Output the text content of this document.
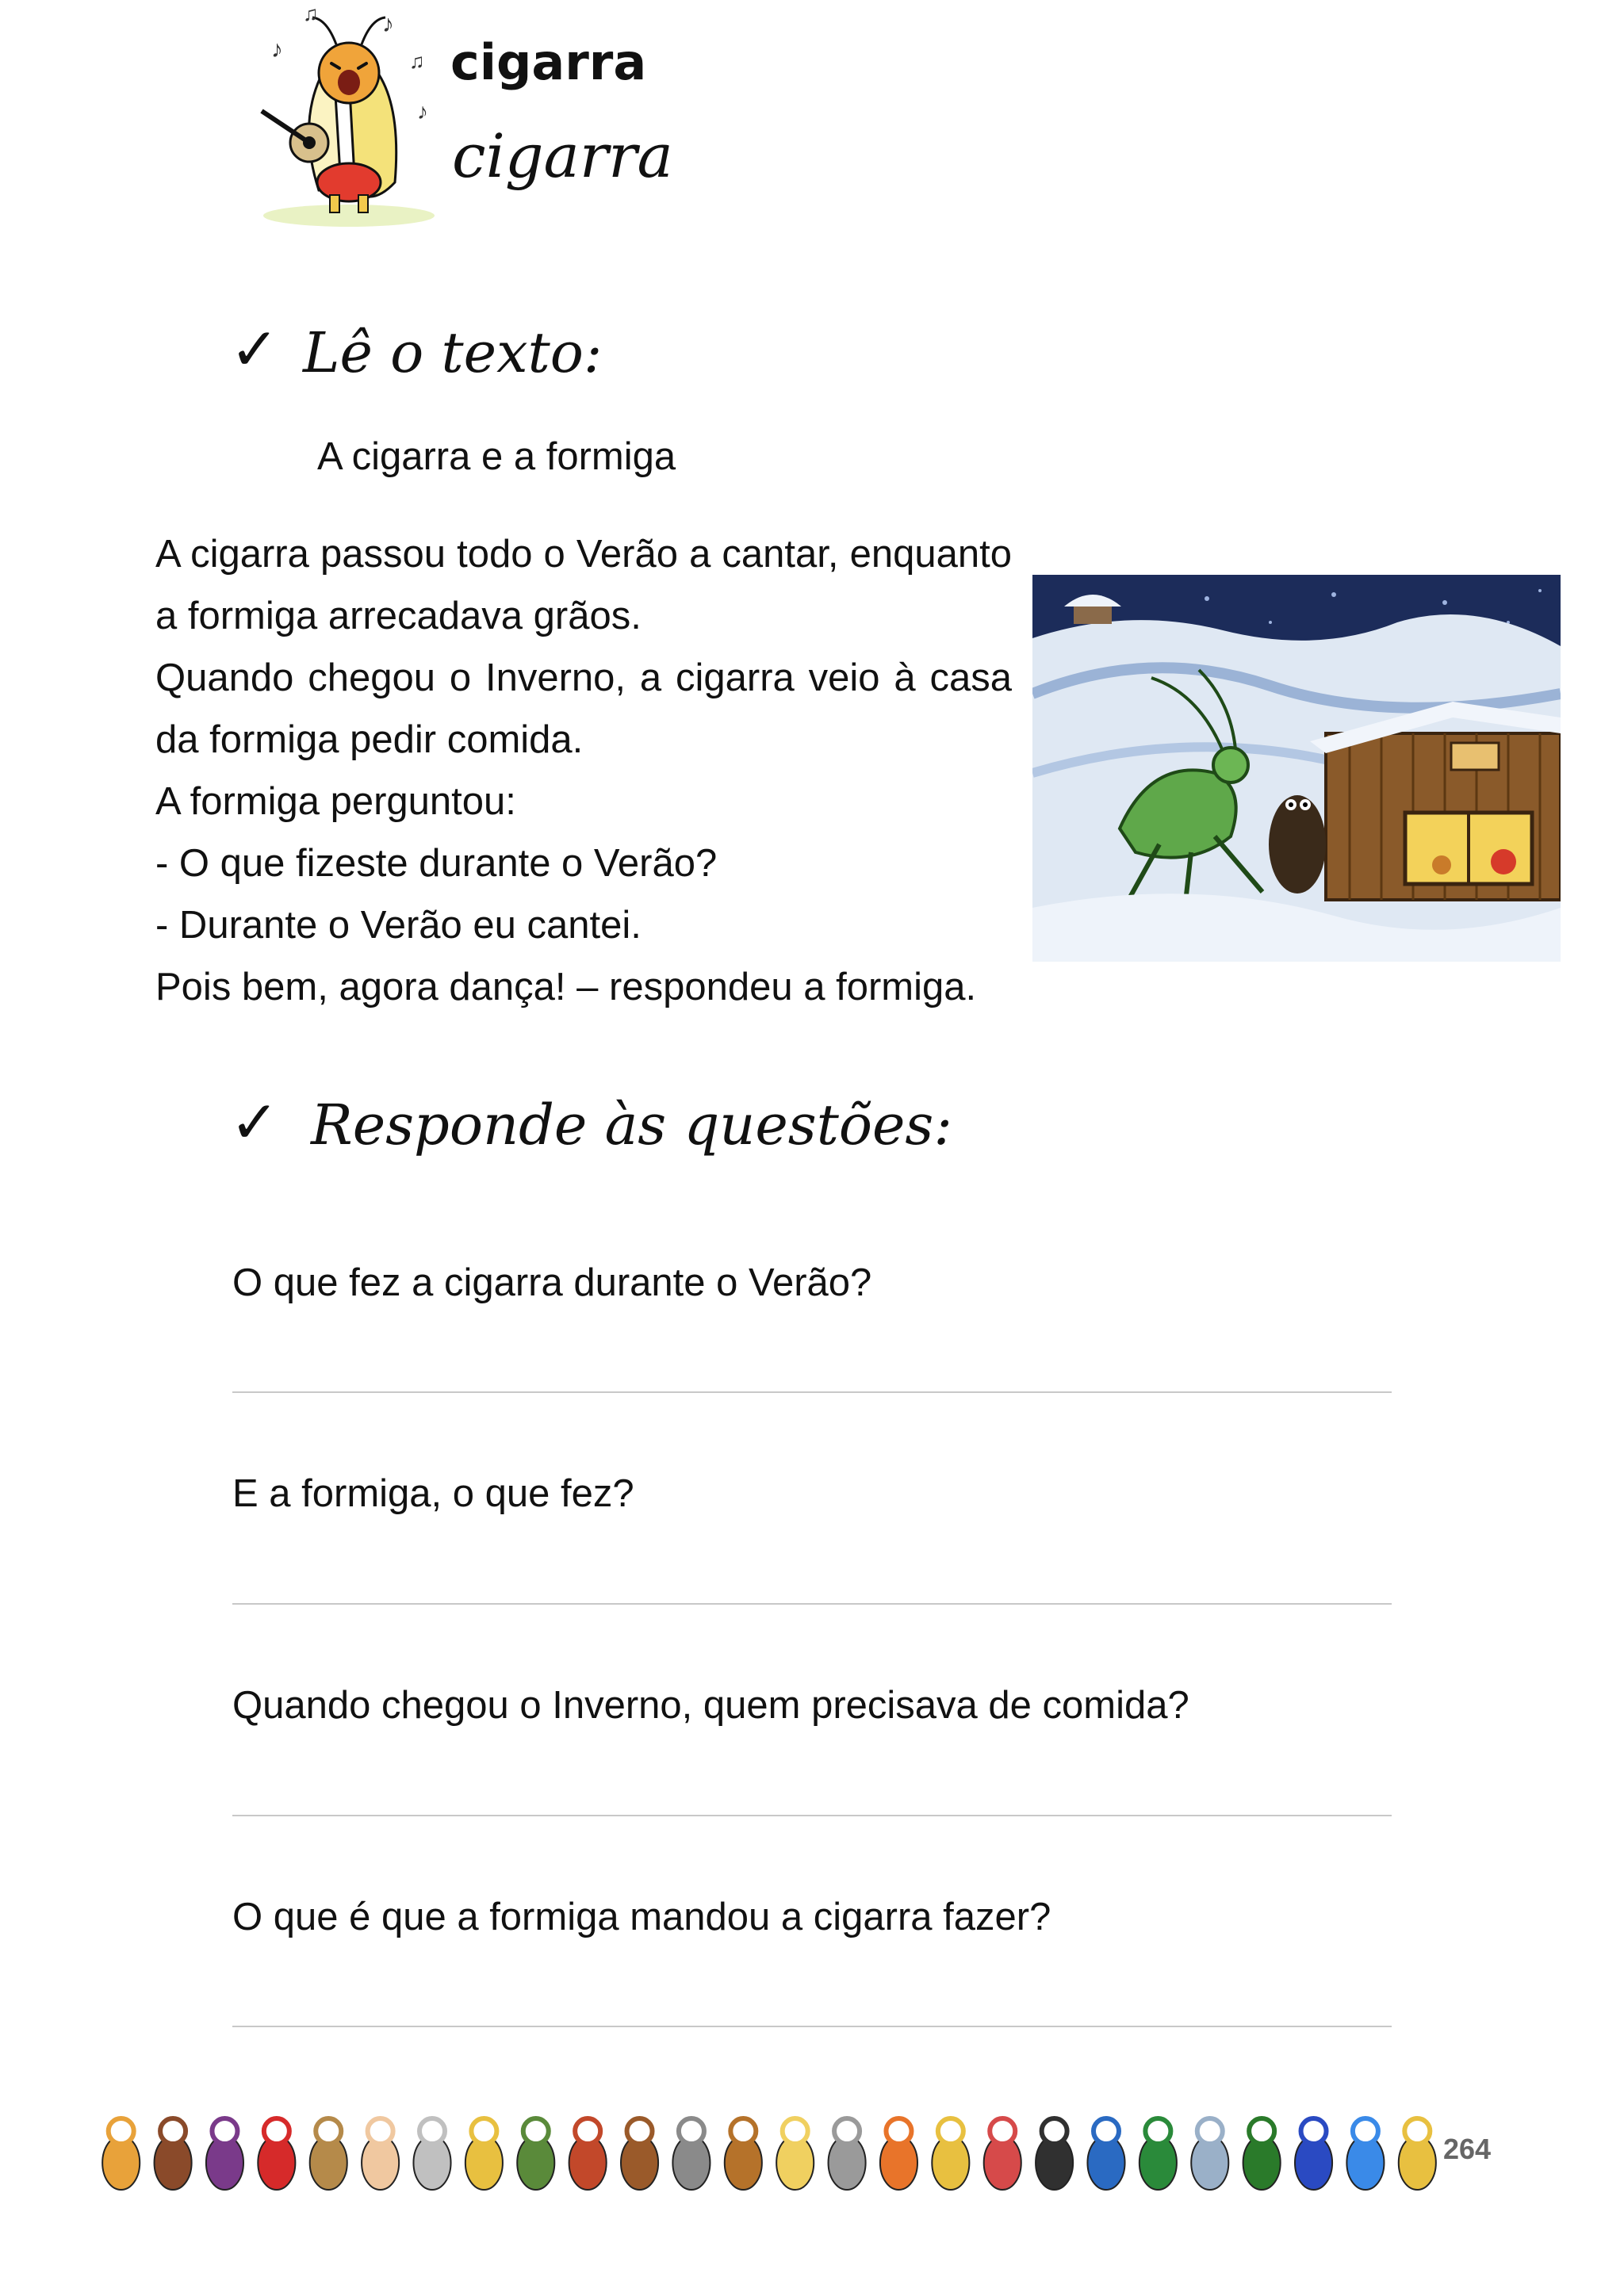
♪
♫	♪
♫
♪
cigarra
cigarra
✓ Lê o texto:
A cigarra e a formiga

A cigarra passou todo o Verão a cantar, enquanto a formiga arrecadava grãos.

Quando chegou o Inverno, a cigarra veio à casa da formiga pedir comida.

A formiga perguntou:

- O que fizeste durante o Verão?

- Durante o Verão eu cantei.

Pois bem, agora dança! – respondeu a formiga.

✓ Responde às questões:
O que fez a cigarra durante o Verão?
E a formiga, o que fez?
Quando chegou o Inverno, quem precisava de comida?
O que é que a formiga mandou a cigarra fazer?
264
